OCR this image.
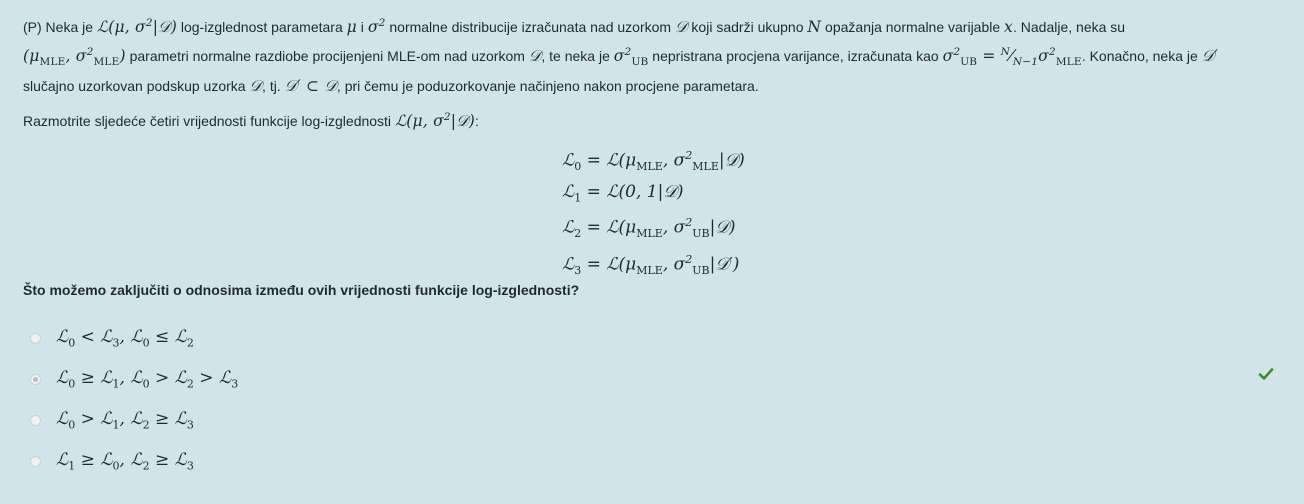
(P) Neka je ℒ(μ, $\sigma^2|𝒟$) log-izglednost parametara μ i $\sigma^2$ normalne distribucije izračunata nad uzorkom 𝒟 koji sadrži ukupno N opažanja normalne varijable x. Nadalje, neka su
($\mu_{MLE}$, $\sigma^2_{MLE}$) parametri normalne razdiobe procijenjeni MLE-om nad uzorkom 𝒟, te neka je $\sigma^2_{UB}$ nepristrana procjena varijance, izračunata kao $\sigma^2_{UB}$ = $^N⁄_{N-1}\sigma^2_{MLE}$. Konačno, neka je 𝒟′
slučajno uzorkovan podskup uzorka 𝒟, tj. 𝒟′ ⊂ 𝒟, pri čemu je poduzorkovanje načinjeno nakon procjene parametara.
Razmotrite sljedeće četiri vrijednosti funkcije log-izglednosti ℒ(μ, $\sigma^2|𝒟$):
ℒ$_0$ = $ℒ(\mu_{MLE}$, $\sigma^2_{MLE}|𝒟$)
ℒ$_1$ = ℒ(0, 1|𝒟)
ℒ$_2$ = $ℒ(\mu_{MLE}$, $\sigma^2_{UB}|𝒟$)
ℒ$_3$ = $ℒ(\mu_{MLE}$, $\sigma^2_{UB}|𝒟'$)
Što možemo zaključiti o odnosima između ovih vrijednosti funkcije log-izglednosti?
ℒ$_0$ < ℒ$_3$, ℒ$_0$ ≤ ℒ$_2$
ℒ$_0$ ≥ ℒ$_1$, ℒ$_0$ > ℒ$_2$ > ℒ$_3$
ℒ$_0$ > ℒ$_1$, ℒ$_2$ ≥ ℒ$_3$
ℒ$_1$ ≥ ℒ$_0$, ℒ$_2$ ≥ ℒ$_3$
